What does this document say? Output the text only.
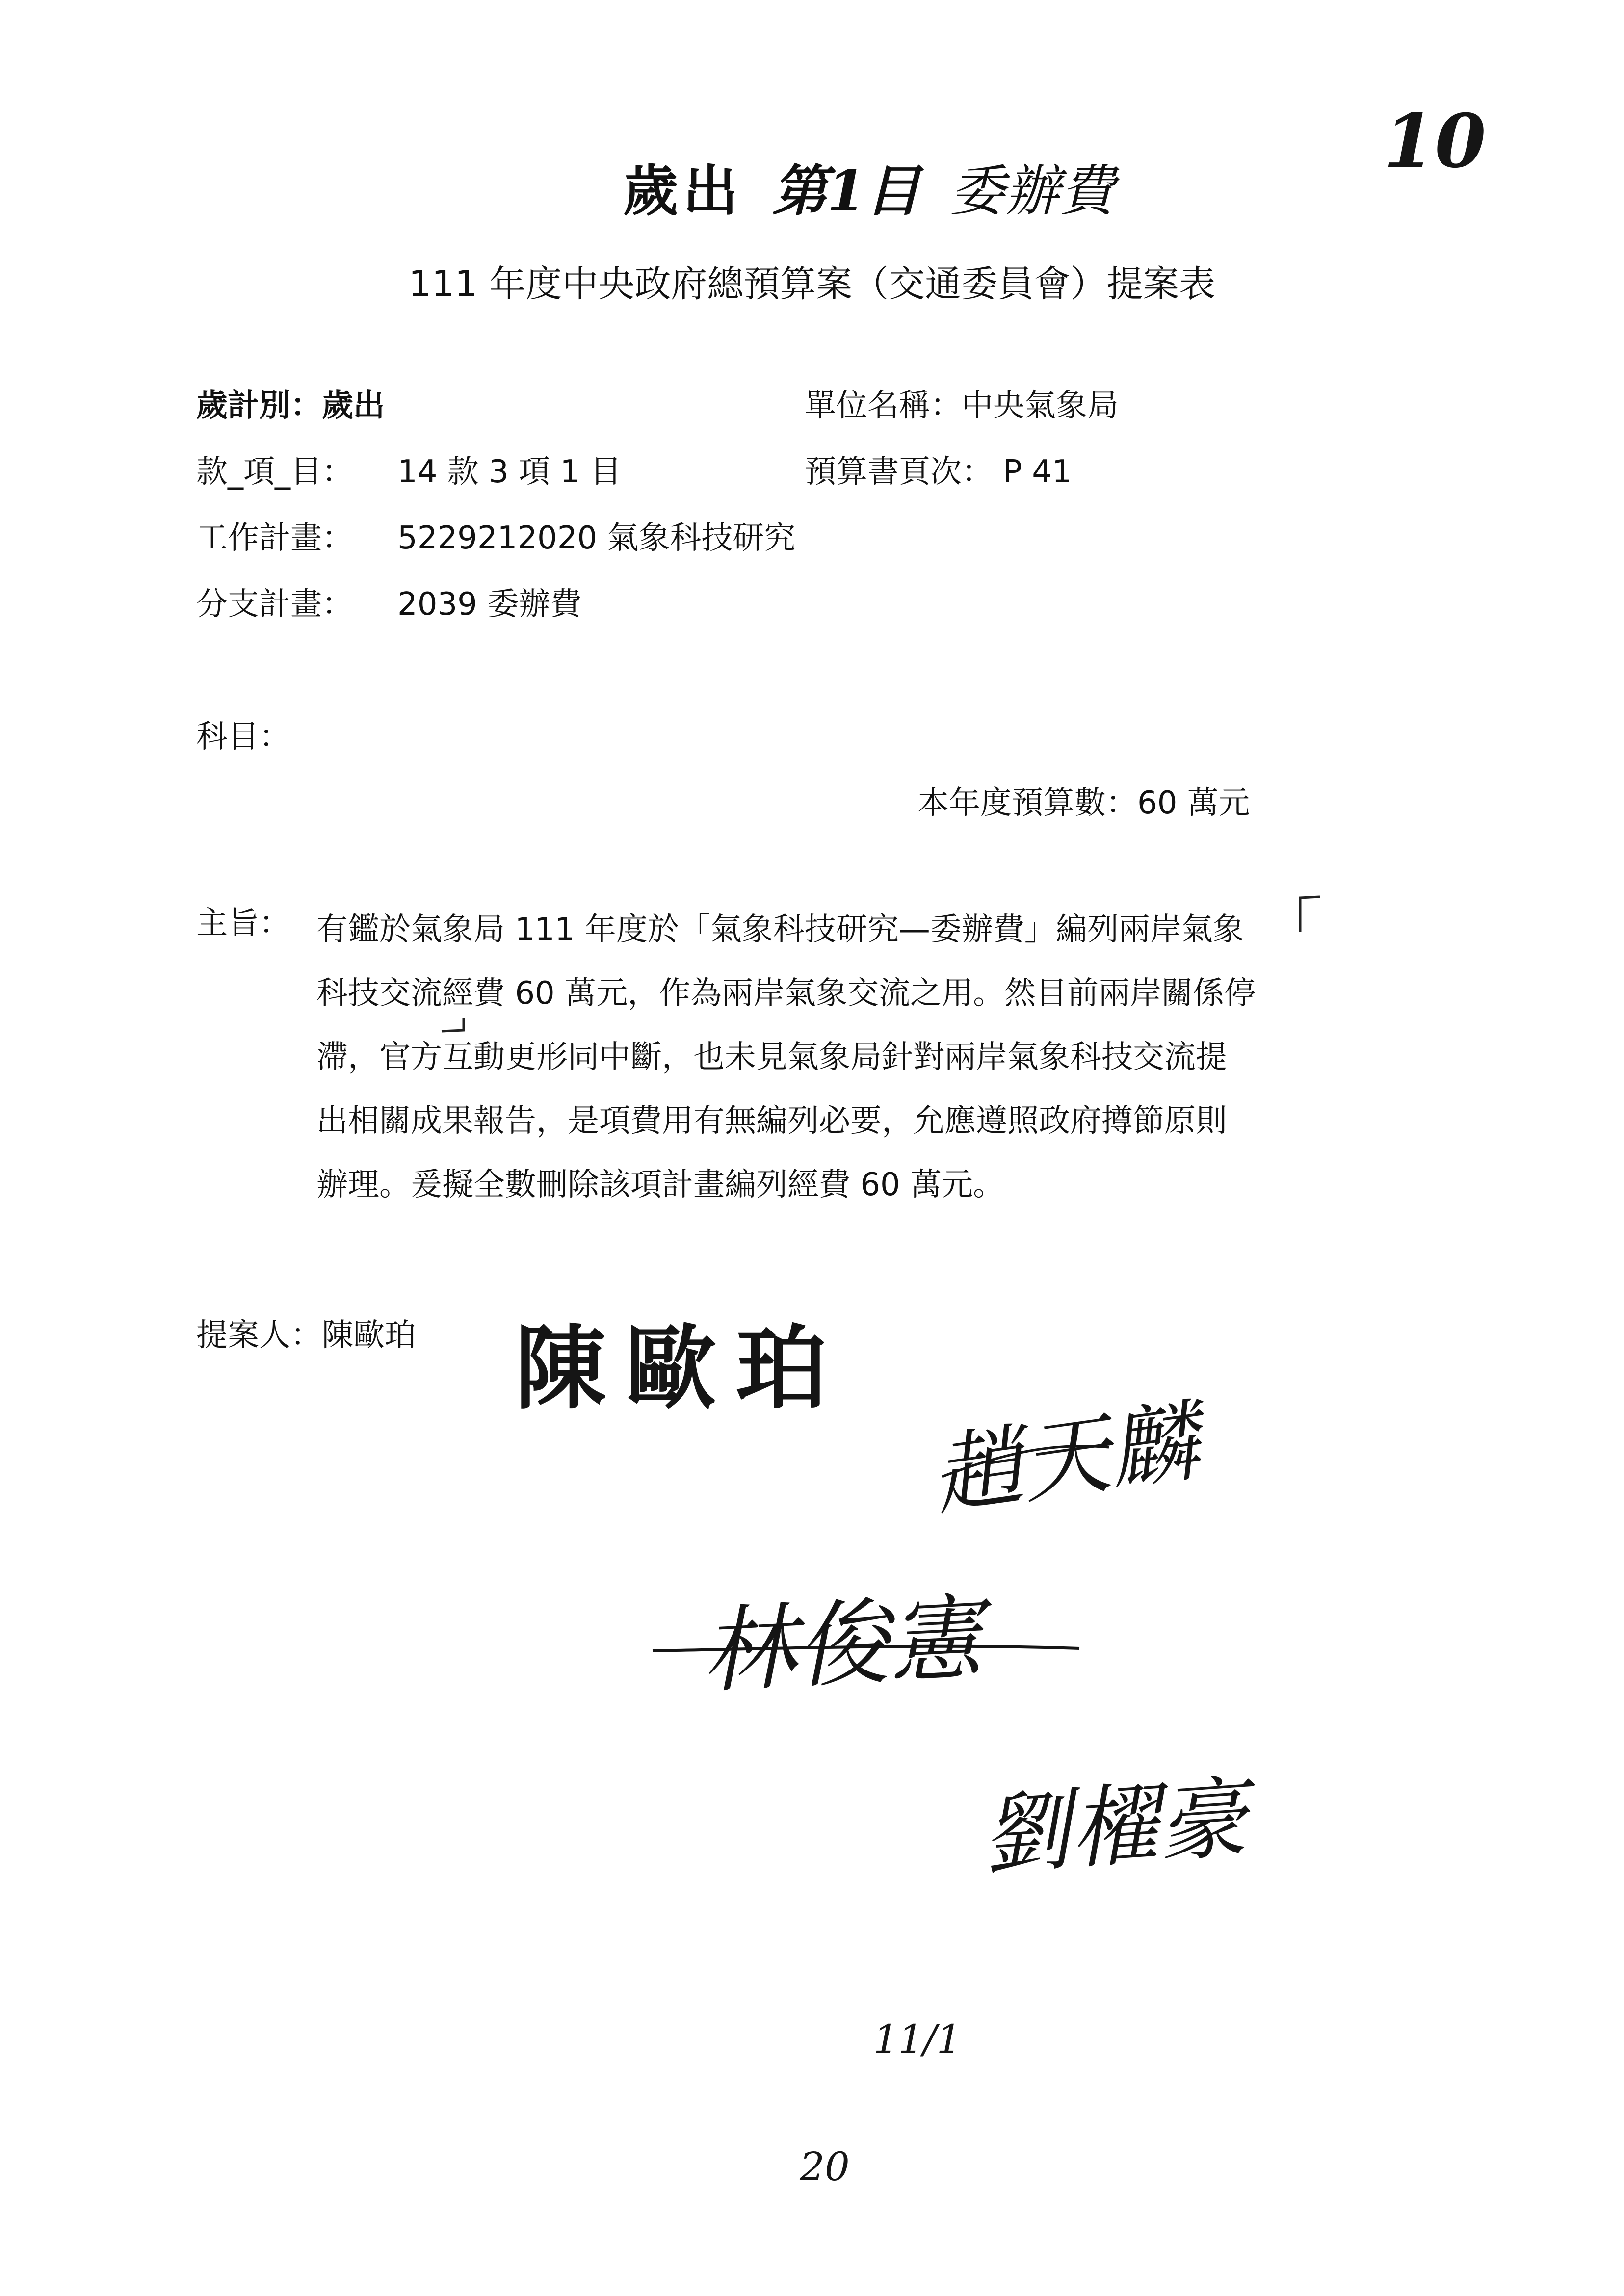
10
歲出 第1目 委辦費
111 年度中央政府總預算案（交通委員會）提案表
歲計別：歲出	單位名稱：中央氣象局
款_項_目： 14 款 3 項 1 目	預算書頁次： P 41
工作計畫： 5229212020 氣象科技研究
分支計畫： 2039 委辦費
科目：
本年度預算數：60 萬元
主旨： 有鑑於氣象局 111 年度於「氣象科技研究—委辦費」編列兩岸氣象
科技交流經費 60 萬元，作為兩岸氣象交流之用。然目前兩岸關係停
滯，官方互動更形同中斷，也未見氣象局針對兩岸氣象科技交流提
出相關成果報告，是項費用有無編列必要，允應遵照政府撙節原則
辦理。爰擬全數刪除該項計畫編列經費 60 萬元。
提案人：陳歐珀 陳歐珀
趙天麟
林俊憲
劉櫂豪
11/1
20
